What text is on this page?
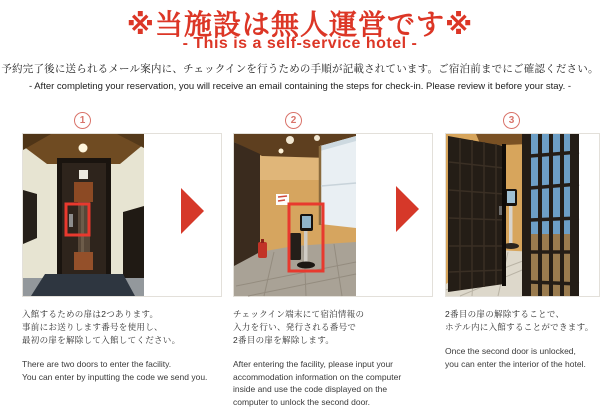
※当施設は無人運営です※
- This is a self-service hotel -
予約完了後に送られるメール案内に、チェックインを行うための手順が記載されています。ご宿泊前までにご確認ください。
- After completing your reservation, you will receive an email containing the steps for check-in. Please review it before your stay. -
1
入館するための扉は2つあります。
事前にお送りします番号を使用し、
最初の扉を解除して入館してください。
There are two doors to enter the facility.
You can enter by inputting the code we send you.
2
チェックイン端末にて宿泊情報の
入力を行い、発行される番号で
2番目の扉を解除します。
After entering the facility, please input your
accommodation information on the computer
inside and use the code displayed on the
computer to unlock the second door.
3
2番目の扉の解除することで、
ホテル内に入館することができます。
Once the second door is unlocked,
you can enter the interior of the hotel.
